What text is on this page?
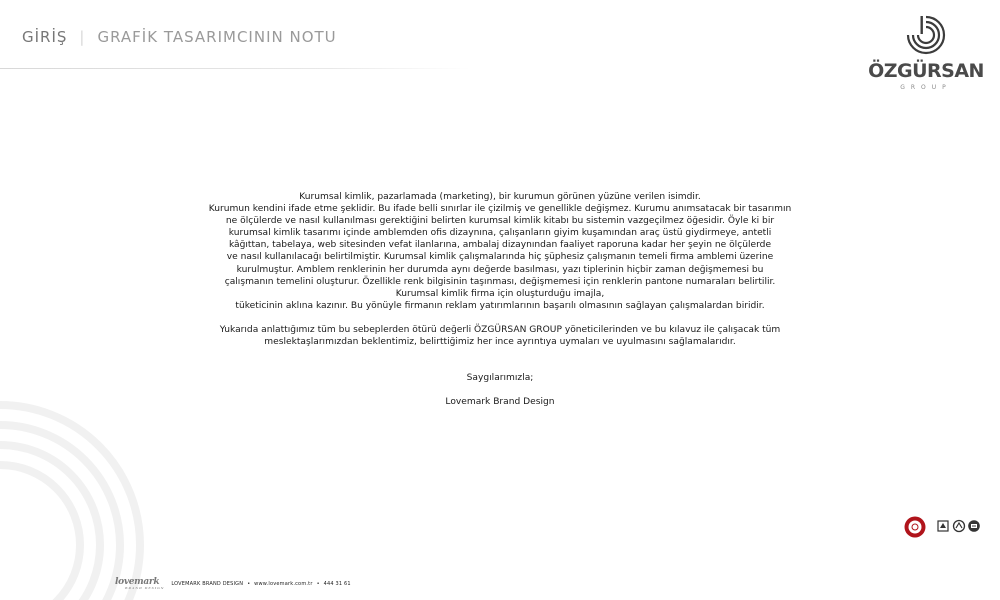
GİRİŞ | GRAFİK TASARIMCININ NOTU
ÖZGÜRSAN
GROUP

Kurumsal kimlik, pazarlamada (marketing), bir kurumun görünen yüzüne verilen isimdir.

Kurumun kendini ifade etme şeklidir. Bu ifade belli sınırlar ile çizilmiş ve genellikle değişmez. Kurumu anımsatacak bir tasarımın

ne ölçülerde ve nasıl kullanılması gerektiğini belirten kurumsal kimlik kitabı bu sistemin vazgeçilmez öğesidir. Öyle ki bir

kurumsal kimlik tasarımı içinde amblemden ofis dizaynına, çalışanların giyim kuşamından araç üstü giydirmeye, antetli

kâğıttan, tabelaya, web sitesinden vefat ilanlarına, ambalaj dizaynından faaliyet raporuna kadar her şeyin ne ölçülerde

ve nasıl kullanılacağı belirtilmiştir. Kurumsal kimlik çalışmalarında hiç şüphesiz çalışmanın temeli firma amblemi üzerine

kurulmuştur. Amblem renklerinin her durumda aynı değerde basılması, yazı tiplerinin hiçbir zaman değişmemesi bu

çalışmanın temelini oluşturur. Özellikle renk bilgisinin taşınması, değişmemesi için renklerin pantone numaraları belirtilir.

Kurumsal kimlik firma için oluşturduğu imajla,

tüketicinin aklına kazınır. Bu yönüyle firmanın reklam yatırımlarının başarılı olmasının sağlayan çalışmalardan biridir.

Yukarıda anlattığımız tüm bu sebeplerden ötürü değerli ÖZGÜRSAN GROUP yöneticilerinden ve bu kılavuz ile çalışacak tüm

meslektaşlarımızdan beklentimiz, belirttiğimiz her ince ayrıntıya uymaları ve uyulmasını sağlamalarıdır.

Saygılarımızla;

Lovemark Brand Design

lovemark
BRAND DESIGN
LOVEMARK BRAND DESIGN • www.lovemark.com.tr • 444 31 61
